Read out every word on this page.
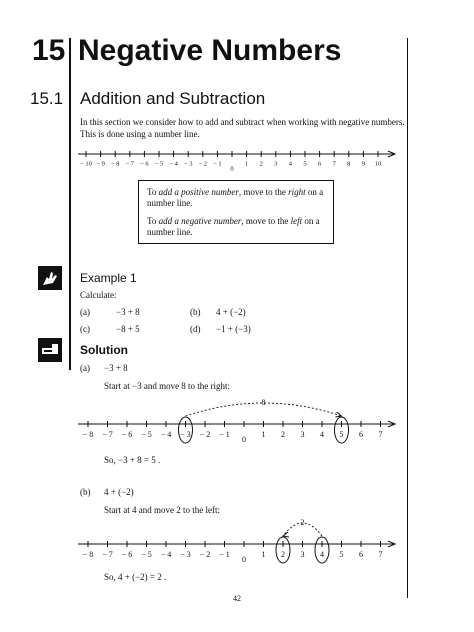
15 Negative Numbers
15.1 Addition and Subtraction
In this section we consider how to add and subtract when working with negative numbers. This is done using a number line.
− 10 − 9 − 8 − 7 − 6 − 5 − 4 − 3 − 2 − 1
0
1 2 3 4 5 6 7 8 9 10

To add a positive number, move to the right on a number line.

To add a negative number, move to the left on a number line.

Example 1
Calculate:
(a)	−3 + 8	(b) 4 + (−2)
(c)	−8 + 5	(d) −1 + (−3)
Solution
(a) −3 + 8
Start at −3 and move 8 to the right:
− 8 − 7 − 6 − 5 − 4 − 3 − 2 − 1
0
1 2 3 4 5 6 7
8
So, −3 + 8 = 5 .
(b) 4 + (−2)
Start at 4 and move 2 to the left:
− 8 − 7 − 6 − 5 − 4 − 3 − 2 − 1
0
1 2 3 4 5 6 7
2
So, 4 + (−2) = 2 .
42
